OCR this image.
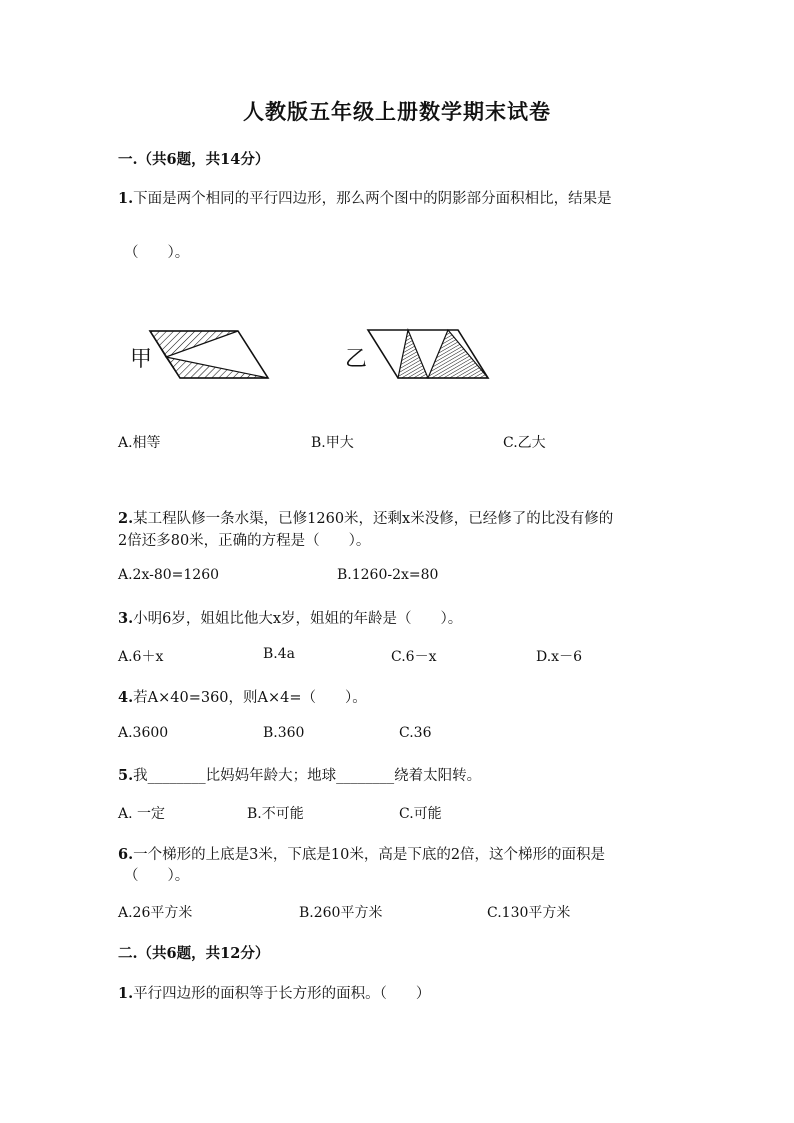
人教版五年级上册数学期末试卷
一.（共6题，共14分）
1.下面是两个相同的平行四边形，那么两个图中的阴影部分面积相比，结果是
（　　）。
甲	乙
A.相等	B.甲大	C.乙大
2.某工程队修一条水渠，已修1260米，还剩x米没修，已经修了的比没有修的
2倍还多80米，正确的方程是（　　）。
A.2x-80=1260	B.1260-2x=80
3.小明6岁，姐姐比他大x岁，姐姐的年龄是（　　）。
A.6＋x	B.4a	C.6－x	D.x－6
4.若A×40=360，则A×4=（　　）。
A.3600	B.360	C.36
5.我________比妈妈年龄大；地球________绕着太阳转。
A. 一定	B.不可能	C.可能
6.一个梯形的上底是3米，下底是10米，高是下底的2倍，这个梯形的面积是
（　　）。
A.26平方米	B.260平方米	C.130平方米
二.（共6题，共12分）
1.平行四边形的面积等于长方形的面积。（　　）
